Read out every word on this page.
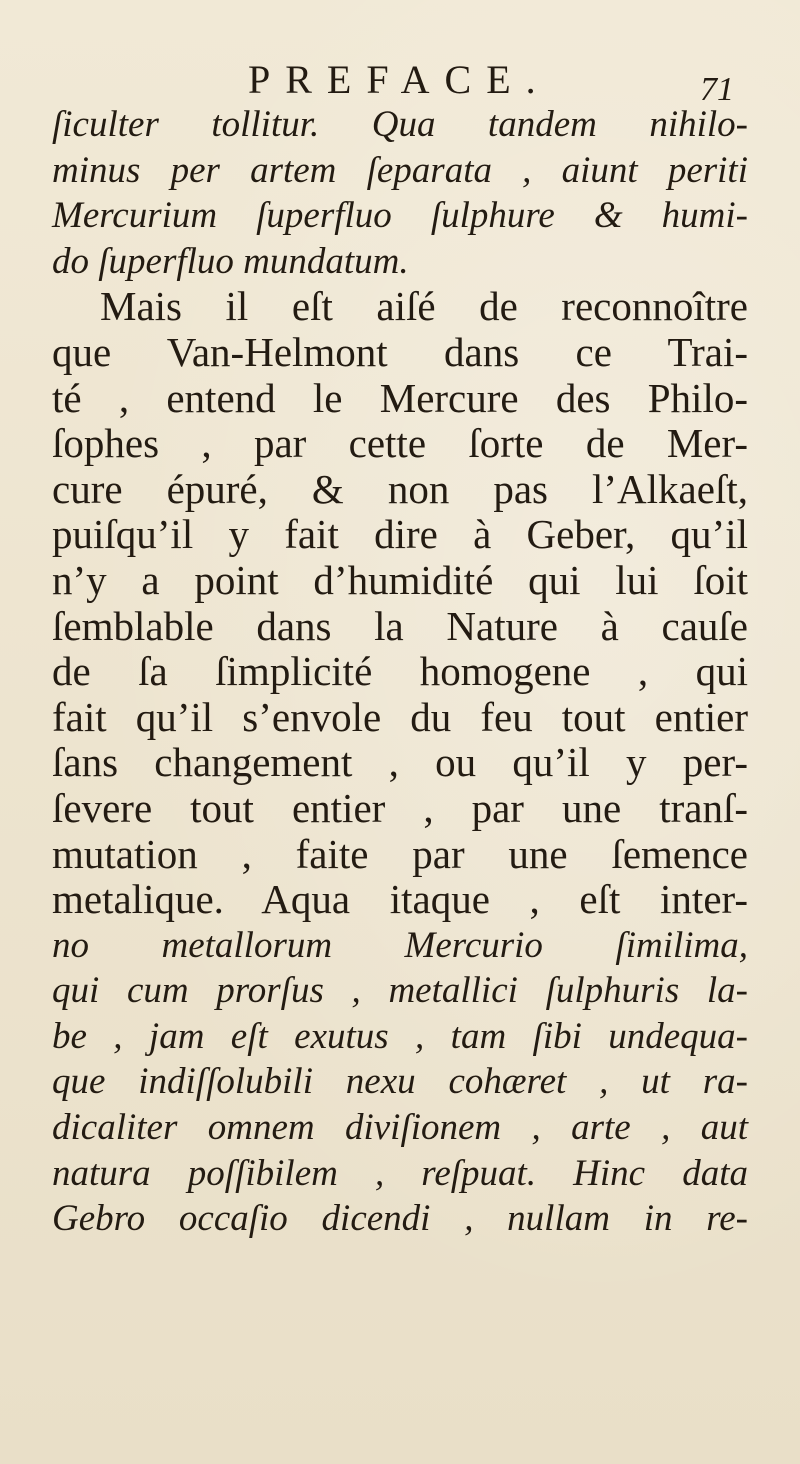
PREFACE.	71
ſiculter tollitur. Qua tandem nihilo-
minus per artem ſeparata , aiunt periti
Mercurium ſuperfluo ſulphure & humi-
do ſuperfluo mundatum.
Mais il eſt aiſé de reconnoître
que Van-Helmont dans ce Trai-
té , entend le Mercure des Philo-
ſophes , par cette ſorte de Mer-
cure épuré, & non pas l’Alkaeſt,
puiſqu’il y fait dire à Geber, qu’il
n’y a point d’humidité qui lui ſoit
ſemblable dans la Nature à cauſe
de ſa ſimplicité homogene , qui
fait qu’il s’envole du feu tout entier
ſans changement , ou qu’il y per-
ſevere tout entier , par une tranſ-
mutation , faite par une ſemence
metalique. Aqua itaque , eſt inter-
no metallorum Mercurio ſimilima,
qui cum prorſus , metallici ſulphuris la-
be , jam eſt exutus , tam ſibi undequa-
que indiſſolubili nexu cohæret , ut ra-
dicaliter omnem diviſionem , arte , aut
natura poſſibilem , reſpuat. Hinc data
Gebro occaſio dicendi , nullam in re-
